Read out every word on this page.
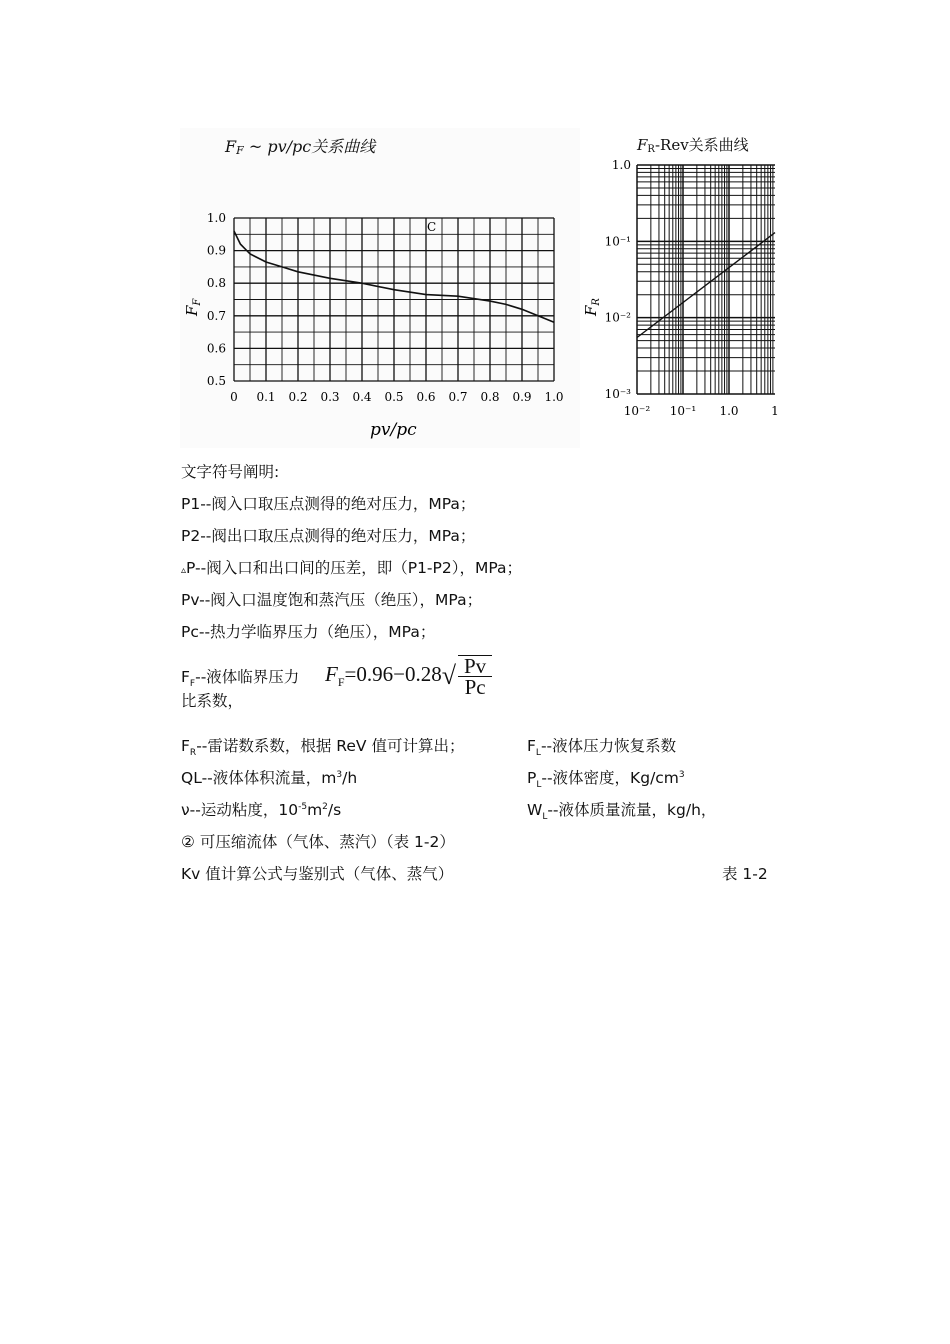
FF ~ pv/pc关系曲线
0 0.1 0.2 0.3 0.4 0.5 0.6 0.7 0.8 0.9 1.0
0.5
0.6
0.7
0.8
0.9
1.0
C
$F_F$
pv/pc
FR-Rev关系曲线
10⁻² 10⁻¹ 1.0	1
10⁻³
10⁻²
10⁻¹
1.0
$F_R$
文字符号阐明:
P1--阀入口取压点测得的绝对压力，MPa；
P2--阀出口取压点测得的绝对压力，MPa；
▵P--阀入口和出口间的压差，即（P1-P2），MPa；
Pv--阀入口温度饱和蒸汽压（绝压），MPa；
Pc--热力学临界压力（绝压），MPa；
$F_F--$液体临界压力
比系数，
$F_F=0.96-0.28√ \frac{Pv}{Pc}$
$F_R--$雷诺数系数，根据 ReV 值可计算出；	$F_L--$液体压力恢复系数
QL--液体体积流量，$m^3/h$	$P_L--$液体密度，$Kg/cm^3$
ν--运动粘度，$10^{-5}m^2/s$	$W_L--$液体质量流量，kg/h，
② 可压缩流体（气体、蒸汽）（表 1-2）
Kv 值计算公式与鉴别式（气体、蒸气）	表 1-2
